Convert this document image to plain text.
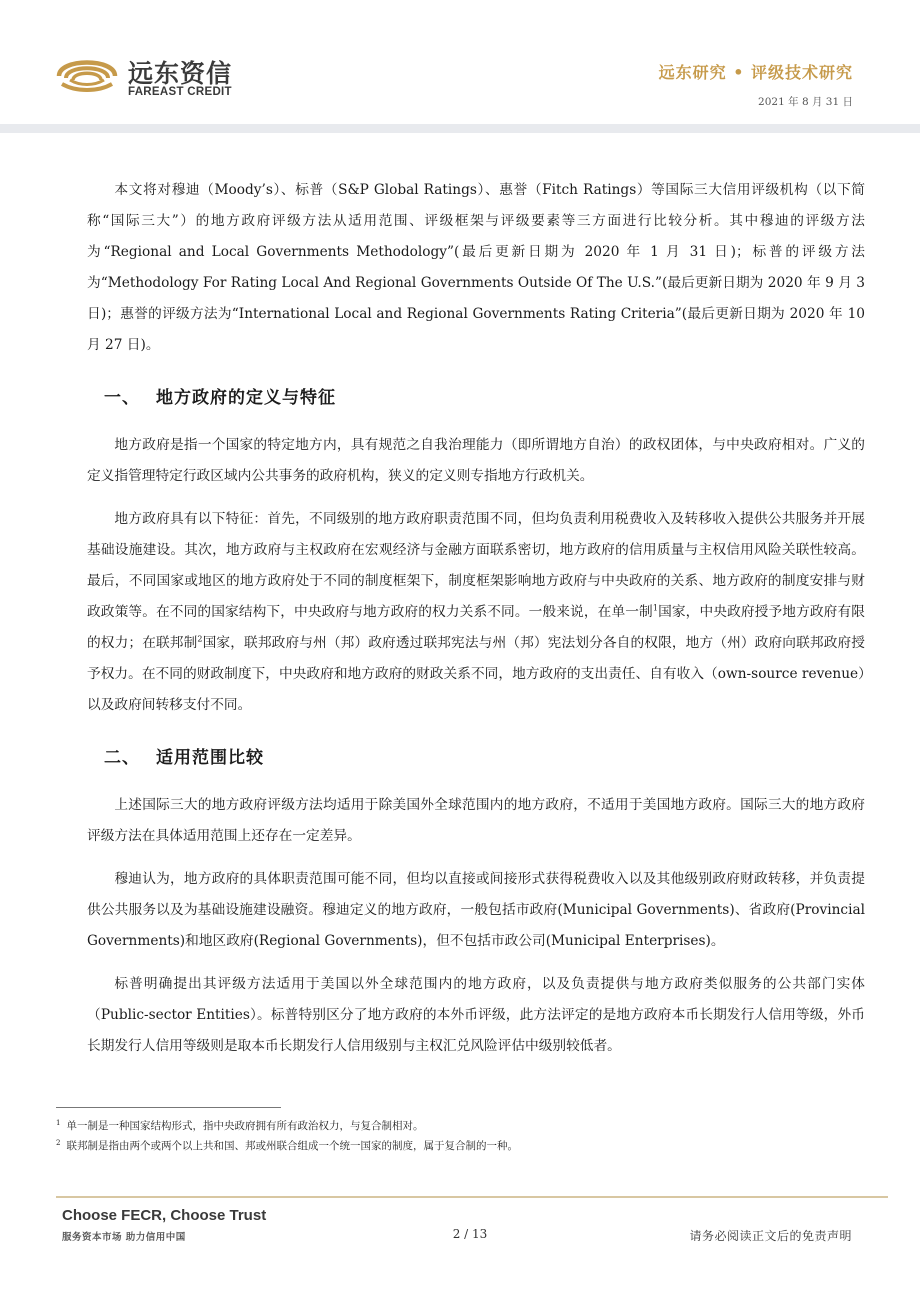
远东资信
FAREAST CREDIT
远东研究 • 评级技术研究
2021 年 8 月 31 日

本文将对穆迪（Moody’s）、标普（S&P Global Ratings）、惠誉（Fitch Ratings）等国际三大信用评级机构（以下简称“国际三大”）的地方政府评级方法从适用范围、评级框架与评级要素等三方面进行比较分析。其中穆迪的评级方法为“Regional and Local Governments Methodology”(最后更新日期为 2020 年 1 月 31 日)；标普的评级方法为“Methodology For Rating Local And Regional Governments Outside Of The U.S.”(最后更新日期为 2020 年 9 月 3 日)；惠誉的评级方法为“International Local and Regional Governments Rating Criteria”(最后更新日期为 2020 年 10 月 27 日)。

一、 地方政府的定义与特征

地方政府是指一个国家的特定地方内，具有规范之自我治理能力（即所谓地方自治）的政权团体，与中央政府相对。广义的定义指管理特定行政区域内公共事务的政府机构，狭义的定义则专指地方行政机关。

地方政府具有以下特征：首先，不同级别的地方政府职责范围不同，但均负责利用税费收入及转移收入提供公共服务并开展基础设施建设。其次，地方政府与主权政府在宏观经济与金融方面联系密切，地方政府的信用质量与主权信用风险关联性较高。最后，不同国家或地区的地方政府处于不同的制度框架下，制度框架影响地方政府与中央政府的关系、地方政府的制度安排与财政政策等。在不同的国家结构下，中央政府与地方政府的权力关系不同。一般来说，在单一制$^1$国家，中央政府授予地方政府有限的权力；在联邦制$^2$国家，联邦政府与州（邦）政府透过联邦宪法与州（邦）宪法划分各自的权限，地方（州）政府向联邦政府授予权力。在不同的财政制度下，中央政府和地方政府的财政关系不同，地方政府的支出责任、自有收入（own-source revenue）以及政府间转移支付不同。

二、 适用范围比较

上述国际三大的地方政府评级方法均适用于除美国外全球范围内的地方政府，不适用于美国地方政府。国际三大的地方政府评级方法在具体适用范围上还存在一定差异。

穆迪认为，地方政府的具体职责范围可能不同，但均以直接或间接形式获得税费收入以及其他级别政府财政转移，并负责提供公共服务以及为基础设施建设融资。穆迪定义的地方政府，一般包括市政府(Municipal Governments)、省政府(Provincial Governments)和地区政府(Regional Governments)，但不包括市政公司(Municipal Enterprises)。

标普明确提出其评级方法适用于美国以外全球范围内的地方政府，以及负责提供与地方政府类似服务的公共部门实体（Public-sector Entities）。标普特别区分了地方政府的本外币评级，此方法评定的是地方政府本币长期发行人信用等级，外币长期发行人信用等级则是取本币长期发行人信用级别与主权汇兑风险评估中级别较低者。

$^1$ 单一制是一种国家结构形式，指中央政府拥有所有政治权力，与复合制相对。
$^2$ 联邦制是指由两个或两个以上共和国、邦或州联合组成一个统一国家的制度，属于复合制的一种。
Choose FECR, Choose Trust
服务资本市场 助力信用中国	2 / 13	请务必阅读正文后的免责声明
